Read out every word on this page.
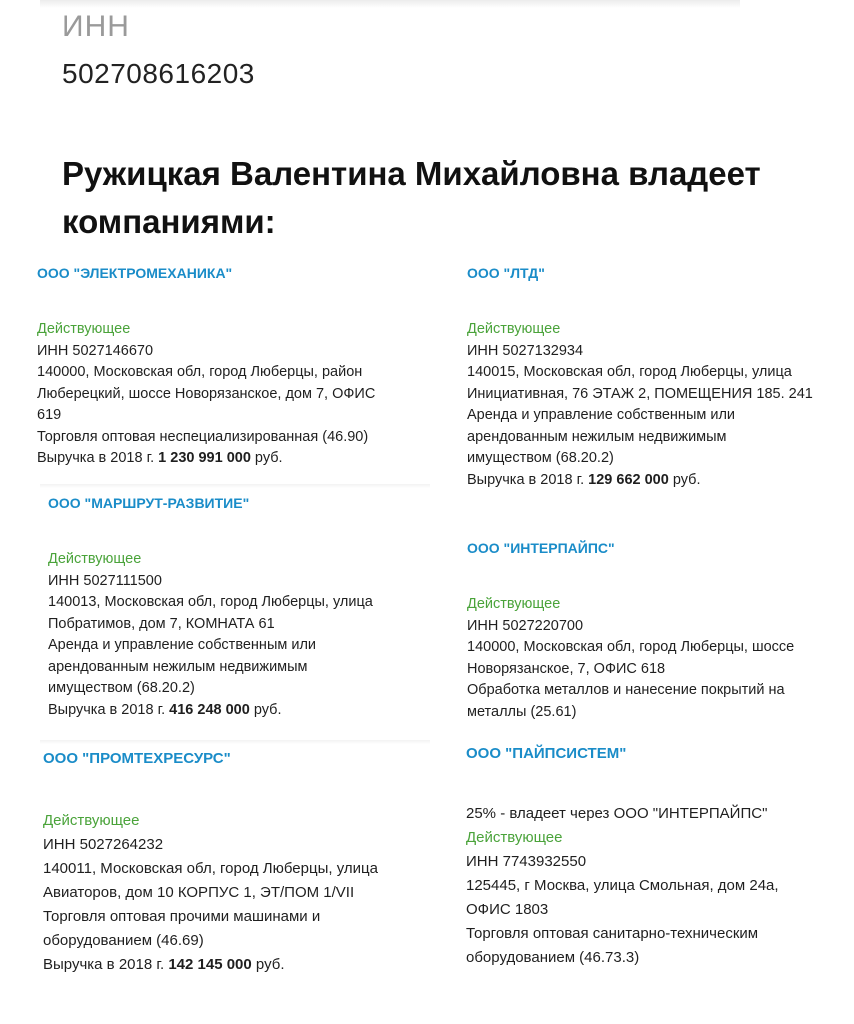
ИНН
502708616203
Ружицкая Валентина Михайловна владеет
компаниями:
ООО "ЭЛЕКТРОМЕХАНИКА"
Действующее
ИНН 5027146670
140000, Московская обл, город Люберцы, район
Люберецкий, шоссе Новорязанское, дом 7, ОФИС
619
Торговля оптовая неспециализированная (46.90)
Выручка в 2018 г. 1 230 991 000 руб.
ООО "ЛТД"
Действующее
ИНН 5027132934
140015, Московская обл, город Люберцы, улица
Инициативная, 76 ЭТАЖ 2, ПОМЕЩЕНИЯ 185. 241
Аренда и управление собственным или
арендованным нежилым недвижимым
имуществом (68.20.2)
Выручка в 2018 г. 129 662 000 руб.
ООО "МАРШРУТ-РАЗВИТИЕ"
Действующее
ИНН 5027111500
140013, Московская обл, город Люберцы, улица
Побратимов, дом 7, КОМНАТА 61
Аренда и управление собственным или
арендованным нежилым недвижимым
имуществом (68.20.2)
Выручка в 2018 г. 416 248 000 руб.
ООО "ИНТЕРПАЙПС"
Действующее
ИНН 5027220700
140000, Московская обл, город Люберцы, шоссе
Новорязанское, 7, ОФИС 618
Обработка металлов и нанесение покрытий на
металлы (25.61)
ООО "ПРОМТЕХРЕСУРС"
Действующее
ИНН 5027264232
140011, Московская обл, город Люберцы, улица
Авиаторов, дом 10 КОРПУС 1, ЭТ/ПОМ 1/VII
Торговля оптовая прочими машинами и
оборудованием (46.69)
Выручка в 2018 г. 142 145 000 руб.
ООО "ПАЙПСИСТЕМ"
25% - владеет через ООО "ИНТЕРПАЙПС"
Действующее
ИНН 7743932550
125445, г Москва, улица Смольная, дом 24а,
ОФИС 1803
Торговля оптовая санитарно-техническим
оборудованием (46.73.3)
